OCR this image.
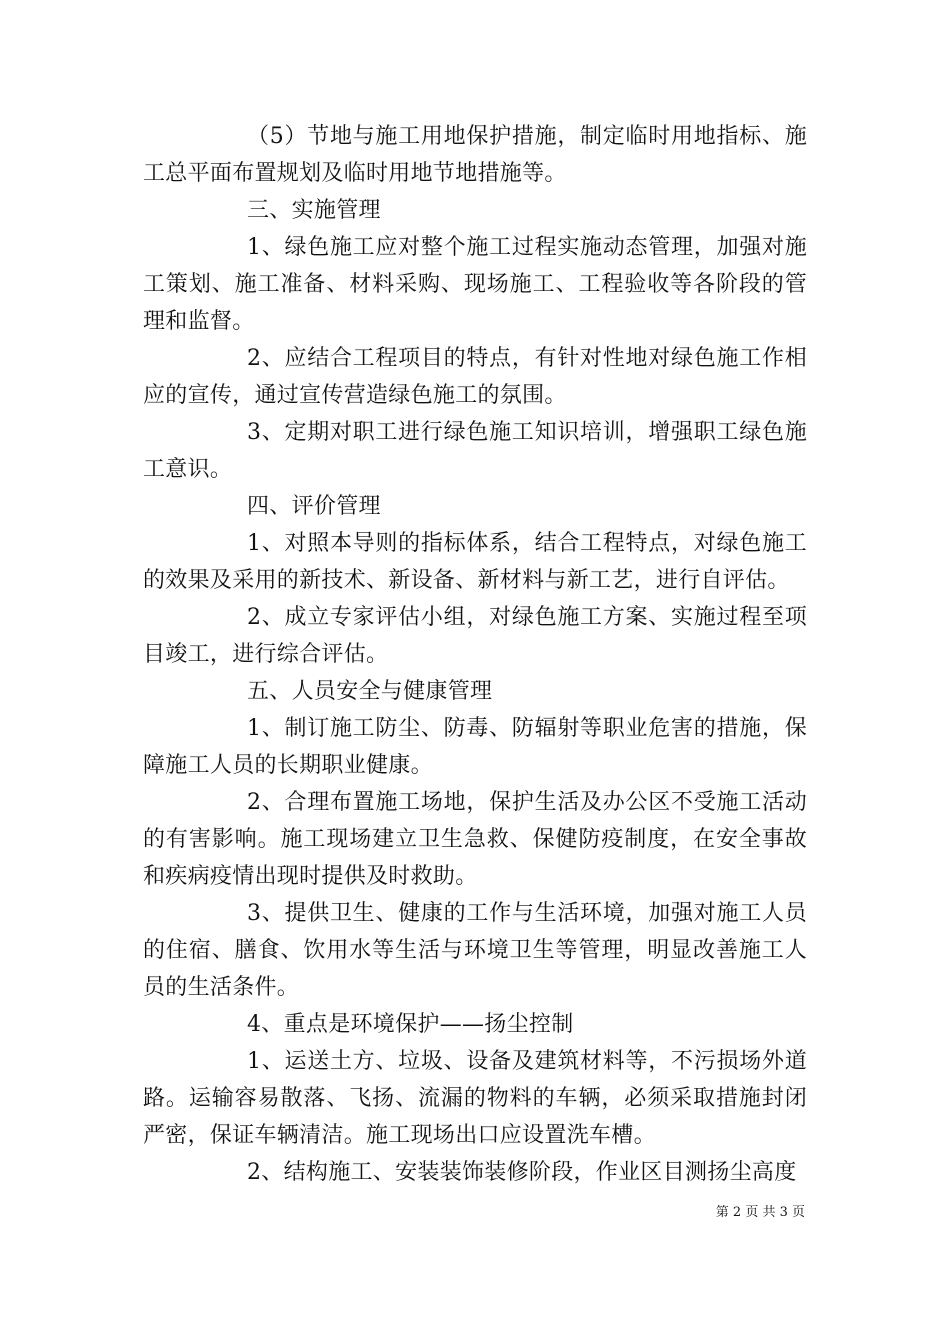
（5）节地与施工用地保护措施，制定临时用地指标、施工总平面布置规划及临时用地节地措施等。

三、实施管理

1、绿色施工应对整个施工过程实施动态管理，加强对施工策划、施工准备、材料采购、现场施工、工程验收等各阶段的管理和监督。

2、应结合工程项目的特点，有针对性地对绿色施工作相应的宣传，通过宣传营造绿色施工的氛围。

3、定期对职工进行绿色施工知识培训，增强职工绿色施工意识。

四、评价管理

1、对照本导则的指标体系，结合工程特点，对绿色施工的效果及采用的新技术、新设备、新材料与新工艺，进行自评估。

2、成立专家评估小组，对绿色施工方案、实施过程至项目竣工，进行综合评估。

五、人员安全与健康管理

1、制订施工防尘、防毒、防辐射等职业危害的措施，保障施工人员的长期职业健康。

2、合理布置施工场地，保护生活及办公区不受施工活动的有害影响。施工现场建立卫生急救、保健防疫制度，在安全事故和疾病疫情出现时提供及时救助。

3、提供卫生、健康的工作与生活环境，加强对施工人员的住宿、膳食、饮用水等生活与环境卫生等管理，明显改善施工人员的生活条件。

4、重点是环境保护——扬尘控制

1、运送土方、垃圾、设备及建筑材料等，不污损场外道路。运输容易散落、飞扬、流漏的物料的车辆，必须采取措施封闭严密，保证车辆清洁。施工现场出口应设置洗车槽。

2、结构施工、安装装饰装修阶段，作业区目测扬尘高度

第 2 页 共 3 页
